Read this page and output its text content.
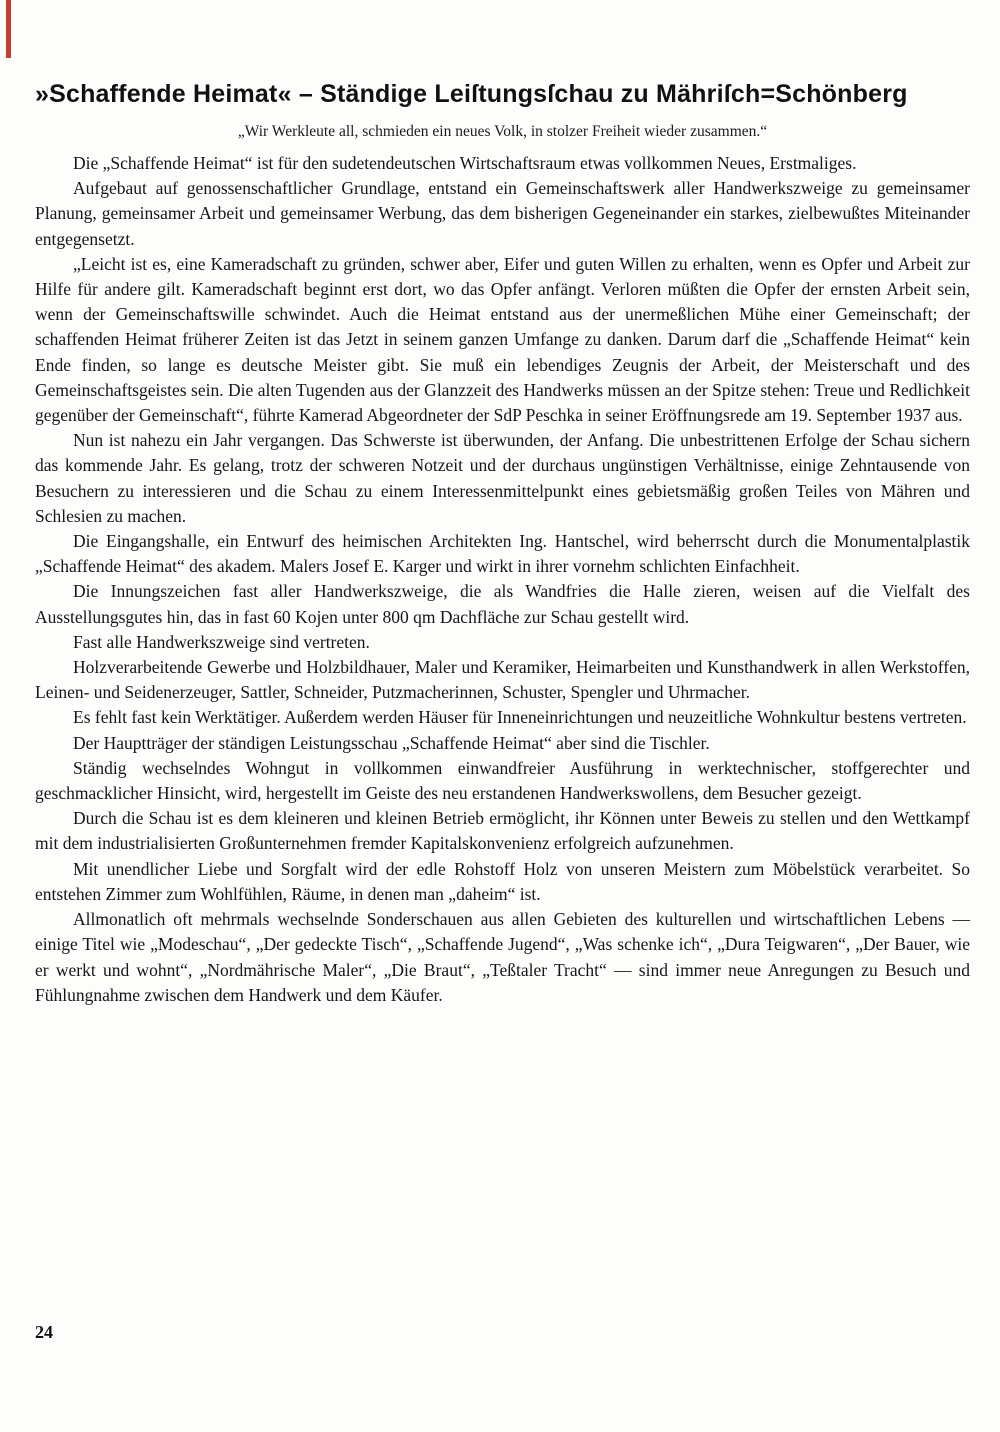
»Schaffende Heimat« – Ständige Leiſtungsſchau zu Mähriſch=Schönberg

„Wir Werkleute all, schmieden ein neues Volk, in stolzer Freiheit wieder zusammen.“

Die „Schaffende Heimat“ ist für den sudetendeutschen Wirtschaftsraum etwas vollkommen Neues, Erstmaliges.

Aufgebaut auf genossenschaftlicher Grundlage, entstand ein Gemeinschaftswerk aller Handwerkszweige zu gemeinsamer Planung, gemeinsamer Arbeit und gemeinsamer Werbung, das dem bisherigen Gegeneinander ein starkes, zielbewußtes Miteinander entgegensetzt.

„Leicht ist es, eine Kameradschaft zu gründen, schwer aber, Eifer und guten Willen zu erhalten, wenn es Opfer und Arbeit zur Hilfe für andere gilt. Kameradschaft beginnt erst dort, wo das Opfer anfängt. Verloren müßten die Opfer der ernsten Arbeit sein, wenn der Gemeinschaftswille schwindet. Auch die Heimat entstand aus der unermeßlichen Mühe einer Gemeinschaft; der schaffenden Heimat früherer Zeiten ist das Jetzt in seinem ganzen Umfange zu danken. Darum darf die „Schaffende Heimat“ kein Ende finden, so lange es deutsche Meister gibt. Sie muß ein lebendiges Zeugnis der Arbeit, der Meisterschaft und des Gemeinschaftsgeistes sein. Die alten Tugenden aus der Glanzzeit des Handwerks müssen an der Spitze stehen: Treue und Redlichkeit gegenüber der Gemeinschaft“, führte Kamerad Abgeordneter der SdP Peschka in seiner Eröffnungsrede am 19. September 1937 aus.

Nun ist nahezu ein Jahr vergangen. Das Schwerste ist überwunden, der Anfang. Die unbestrittenen Erfolge der Schau sichern das kommende Jahr. Es gelang, trotz der schweren Notzeit und der durchaus ungünstigen Verhältnisse, einige Zehntausende von Besuchern zu interessieren und die Schau zu einem Interessenmittelpunkt eines gebietsmäßig großen Teiles von Mähren und Schlesien zu machen.

Die Eingangshalle, ein Entwurf des heimischen Architekten Ing. Hantschel, wird beherrscht durch die Monumentalplastik „Schaffende Heimat“ des akadem. Malers Josef E. Karger und wirkt in ihrer vornehm schlichten Einfachheit.

Die Innungszeichen fast aller Handwerkszweige, die als Wandfries die Halle zieren, weisen auf die Vielfalt des Ausstellungsgutes hin, das in fast 60 Kojen unter 800 qm Dachfläche zur Schau gestellt wird.

Fast alle Handwerkszweige sind vertreten.

Holzverarbeitende Gewerbe und Holzbildhauer, Maler und Keramiker, Heimarbeiten und Kunsthandwerk in allen Werkstoffen, Leinen- und Seidenerzeuger, Sattler, Schneider, Putzmacherinnen, Schuster, Spengler und Uhrmacher.

Es fehlt fast kein Werktätiger. Außerdem werden Häuser für Inneneinrichtungen und neuzeitliche Wohnkultur bestens vertreten.

Der Hauptträger der ständigen Leistungsschau „Schaffende Heimat“ aber sind die Tischler.

Ständig wechselndes Wohngut in vollkommen einwandfreier Ausführung in werktechnischer, stoffgerechter und geschmacklicher Hinsicht, wird, hergestellt im Geiste des neu erstandenen Handwerkswollens, dem Besucher gezeigt.

Durch die Schau ist es dem kleineren und kleinen Betrieb ermöglicht, ihr Können unter Beweis zu stellen und den Wettkampf mit dem industrialisierten Großunternehmen fremder Kapitalskonvenienz erfolgreich aufzunehmen.

Mit unendlicher Liebe und Sorgfalt wird der edle Rohstoff Holz von unseren Meistern zum Möbelstück verarbeitet. So entstehen Zimmer zum Wohlfühlen, Räume, in denen man „daheim“ ist.

Allmonatlich oft mehrmals wechselnde Sonderschauen aus allen Gebieten des kulturellen und wirtschaftlichen Lebens — einige Titel wie „Modeschau“, „Der gedeckte Tisch“, „Schaffende Jugend“, „Was schenke ich“, „Dura Teigwaren“, „Der Bauer, wie er werkt und wohnt“, „Nordmährische Maler“, „Die Braut“, „Teßtaler Tracht“ — sind immer neue Anregungen zu Besuch und Fühlungnahme zwischen dem Handwerk und dem Käufer.

24
